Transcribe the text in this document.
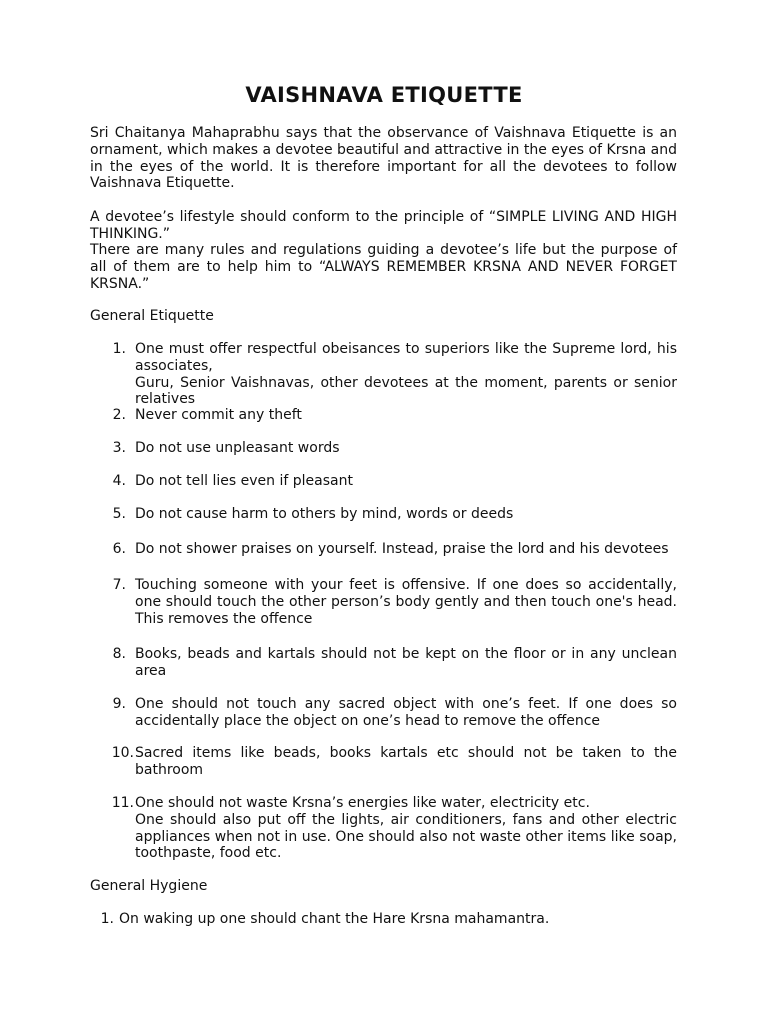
VAISHNAVA ETIQUETTE

Sri Chaitanya Mahaprabhu says that the observance of Vaishnava Etiquette is an ornament, which makes a devotee beautiful and attractive in the eyes of Krsna and in the eyes of the world. It is therefore important for all the devotees to follow Vaishnava Etiquette.

A devotee’s lifestyle should conform to the principle of “SIMPLE LIVING AND HIGH THINKING.”

There are many rules and regulations guiding a devotee’s life but the purpose of all of them are to help him to “ALWAYS REMEMBER KRSNA AND NEVER FORGET KRSNA.”

General Etiquette

1. One must offer respectful obeisances to superiors like the Supreme lord, his associates,
Guru, Senior Vaishnavas, other devotees at the moment, parents or senior relatives

2. Never commit any theft

3. Do not use unpleasant words

4. Do not tell lies even if pleasant

5. Do not cause harm to others by mind, words or deeds

6. Do not shower praises on yourself. Instead, praise the lord and his devotees

7. Touching someone with your feet is offensive. If one does so accidentally, one should touch the other person’s body gently and then touch one's head. This removes the offence

8. Books, beads and kartals should not be kept on the floor or in any unclean area

9. One should not touch any sacred object with one’s feet. If one does so accidentally place the object on one’s head to remove the offence

10. Sacred items like beads, books kartals etc should not be taken to the bathroom

11. One should not waste Krsna’s energies like water, electricity etc.
One should also put off the lights, air conditioners, fans and other electric appliances when not in use. One should also not waste other items like soap, toothpaste, food etc.

General Hygiene

1. On waking up one should chant the Hare Krsna mahamantra.
